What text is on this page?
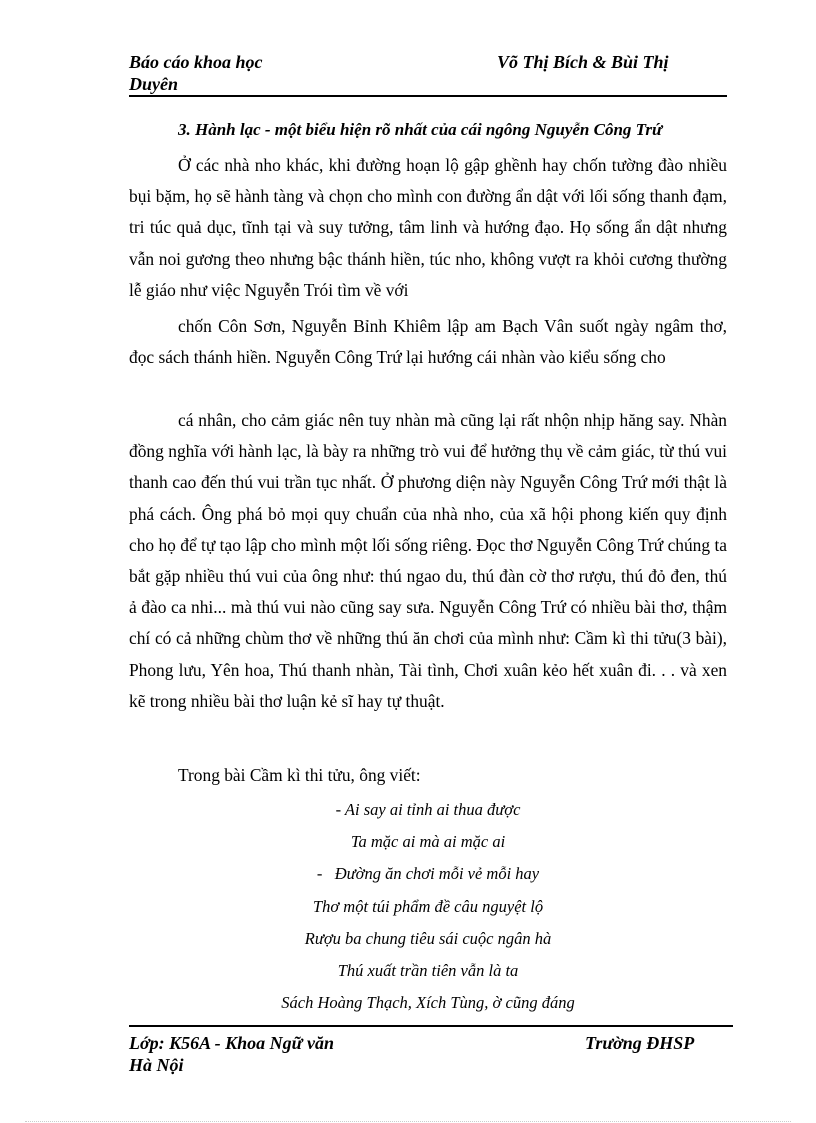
Báo cáo khoa học
Duyên
Võ Thị Bích & Bùi Thị
3. Hành lạc - một biểu hiện rõ nhất của cái ngông Nguyễn Công Trứ

Ở các nhà nho khác, khi đường hoạn lộ gập ghềnh hay chốn tường đào nhiều bụi bặm, họ sẽ hành tàng và chọn cho mình con đường ẩn dật với lối sống thanh đạm, tri túc quả dục, tĩnh tại và suy tưởng, tâm linh và hướng đạo. Họ sống ẩn dật nhưng vẫn noi gương theo nhưng bậc thánh hiền, túc nho, không vượt ra khỏi cương thường lễ giáo như việc Nguyễn Trói tìm về với

chốn Côn Sơn, Nguyễn Bỉnh Khiêm lập am Bạch Vân suốt ngày ngâm thơ, đọc sách thánh hiền. Nguyễn Công Trứ lại hướng cái nhàn vào kiểu sống cho

cá nhân, cho cảm giác nên tuy nhàn mà cũng lại rất nhộn nhịp hăng say. Nhàn đồng nghĩa với hành lạc, là bày ra những trò vui để hưởng thụ về cảm giác, từ thú vui thanh cao đến thú vui trần tục nhất. Ở phương diện này Nguyễn Công Trứ mới thật là phá cách. Ông phá bỏ mọi quy chuẩn của nhà nho, của xã hội phong kiến quy định cho họ để tự tạo lập cho mình một lối sống riêng. Đọc thơ Nguyễn Công Trứ chúng ta bắt gặp nhiều thú vui của ông như: thú ngao du, thú đàn cờ thơ rượu, thú đỏ đen, thú ả đào ca nhi... mà thú vui nào cũng say sưa. Nguyễn Công Trứ có nhiều bài thơ, thậm chí có cả những chùm thơ về những thú ăn chơi của mình như: Cầm kì thi tửu(3 bài), Phong lưu, Yên hoa, Thú thanh nhàn, Tài tình, Chơi xuân kẻo hết xuân đi. . . và xen kẽ trong nhiều bài thơ luận kẻ sĩ hay tự thuật.

Trong bài Cầm kì thi tửu, ông viết:

- Ai say ai tỉnh ai thua được
Ta mặc ai mà ai mặc ai
-   Đường ăn chơi mỗi vẻ mỗi hay
Thơ một túi phẩm đề câu nguyệt lộ
Rượu ba chung tiêu sái cuộc ngân hà
Thú xuất trần tiên vẫn là ta
Sách Hoàng Thạch, Xích Tùng, ờ cũng đáng
Lớp: K56A - Khoa Ngữ văn
Hà Nội
Trường ĐHSP
